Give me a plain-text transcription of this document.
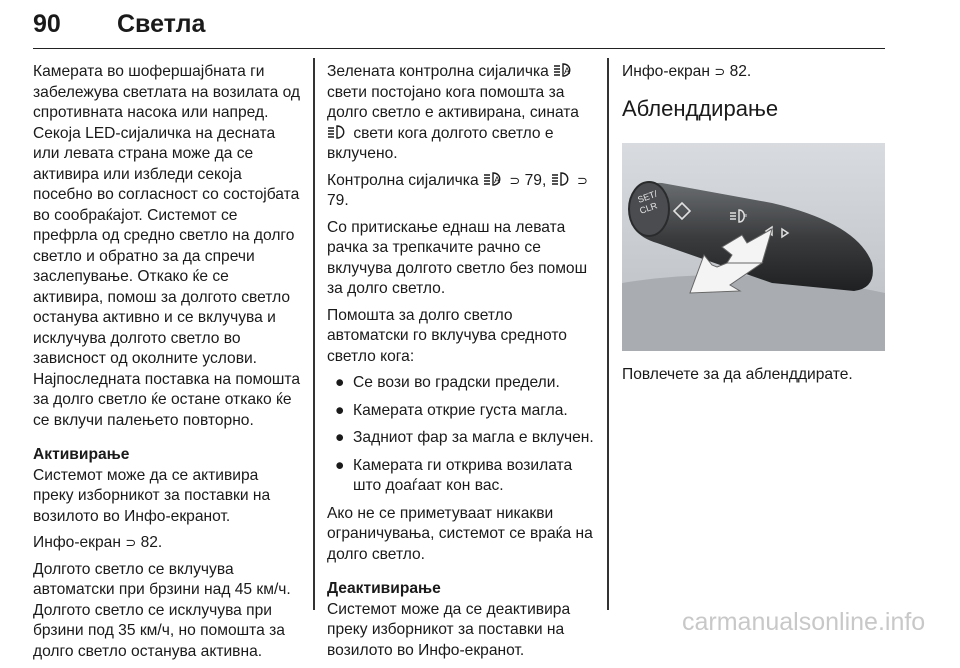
90 Светла

Камерата во шофершајбната ги забележува светлата на возилата од спротивната насока или напред. Секоја LED-сијаличка на десната или левата страна може да се активира или избледи секоја посебно во согласност со состојбата во сообраќајот. Системот се префрла од средно светло на долго светло и обратно за да спречи заслепување. Откако ќе се активира, помош за долгото светло останува активно и се вклучува и исклучува долгото светло во зависност од околните услови. Најпоследната поставка на помошта за долго светло ќе остане откако ќе се вклучи палењето повторно.

Активирање

Системот може да се активира преку изборникот за поставки на возилото во Инфо-екранот.

Инфо-екран ⊃ 82.

Долгото светло се вклучува автоматски при брзини над 45 км/ч. Долгото светло се исклучува при брзини под 35 км/ч, но помошта за долго светло останува активна.

Зелената контролна сијаличка A
свети постојано кога помошта за долго светло е активирана, сината  свети кога долгото светло е вклучено.

Контролна сијаличка A ⊃ 79, ⊃ 79.

Со притискање еднаш на левата рачка за трепкачите рачно се вклучува долгото светло без помош за долго светло.

Помошта за долго светло автоматски го вклучува средното светло кога:

● Се вози во градски предели.
● Камерата открие густа магла.
● Задниот фар за магла е вклучен.
● Камерата ги открива возилата што доаѓаат кон вас.

Ако не се приметуваат никакви ограничувања, системот се враќа на долго светло.

Деактивирање

Системот може да се деактивира преку изборникот за поставки на возилото во Инфо-екранот.

Инфо-екран ⊃ 82.

Абленддирање
SET/
CLR
≡
Повлечете за да абленддирате.
carmanualsonline.info
